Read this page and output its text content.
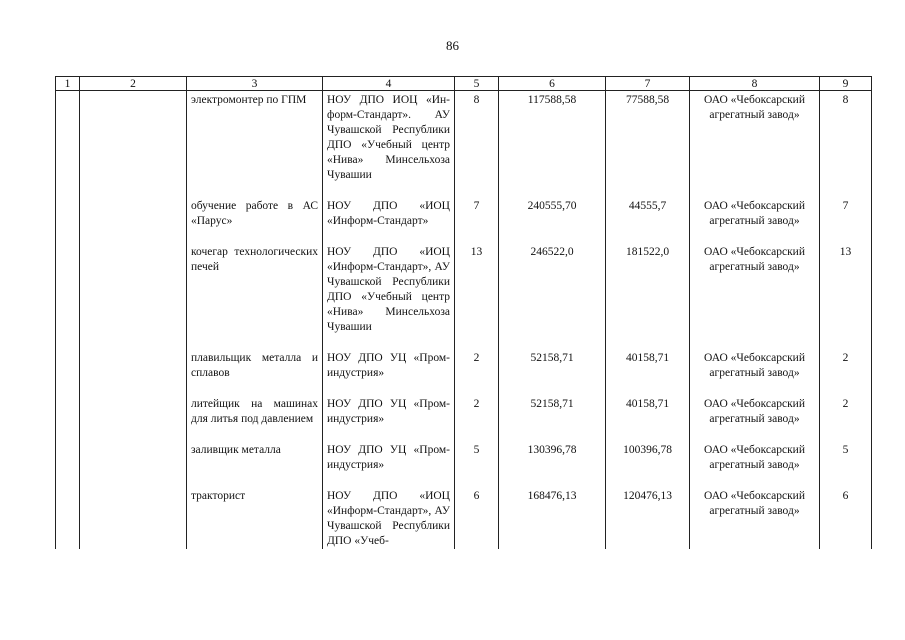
86
1	2	3	4	5	6	7	8	9
		электромонтер по ГПМ	НОУ ДПО ИОЦ «Информ-Стандарт». АУ Чувашской Республики ДПО «Учебный центр «Нива» Минсельхоза Чувашии	8	117588,58	77588,58	ОАО «Чебоксарский агрегатный завод»	8
		обучение работе в АС «Парус»	НОУ ДПО «ИОЦ «Информ-Стандарт»	7	240555,70	44555,7	ОАО «Чебоксарский агрегатный завод»	7
		кочегар технологических печей	НОУ ДПО «ИОЦ «Информ-Стандарт», АУ Чувашской Республики ДПО «Учебный центр «Нива» Минсельхоза Чувашии	13	246522,0	181522,0	ОАО «Чебоксарский агрегатный завод»	13
		плавильщик металла и сплавов	НОУ ДПО УЦ «Проминдустрия»	2	52158,71	40158,71	ОАО «Чебоксарский агрегатный завод»	2
		литейщик на машинах для литья под давлением	НОУ ДПО УЦ «Проминдустрия»	2	52158,71	40158,71	ОАО «Чебоксарский агрегатный завод»	2
		заливщик металла	НОУ ДПО УЦ «Проминдустрия»	5	130396,78	100396,78	ОАО «Чебоксарский агрегатный завод»	5
		тракторист	НОУ ДПО «ИОЦ «Информ-Стандарт», АУ Чувашской Республики ДПО «Учеб-	6	168476,13	120476,13	ОАО «Чебоксарский агрегатный завод»	6
